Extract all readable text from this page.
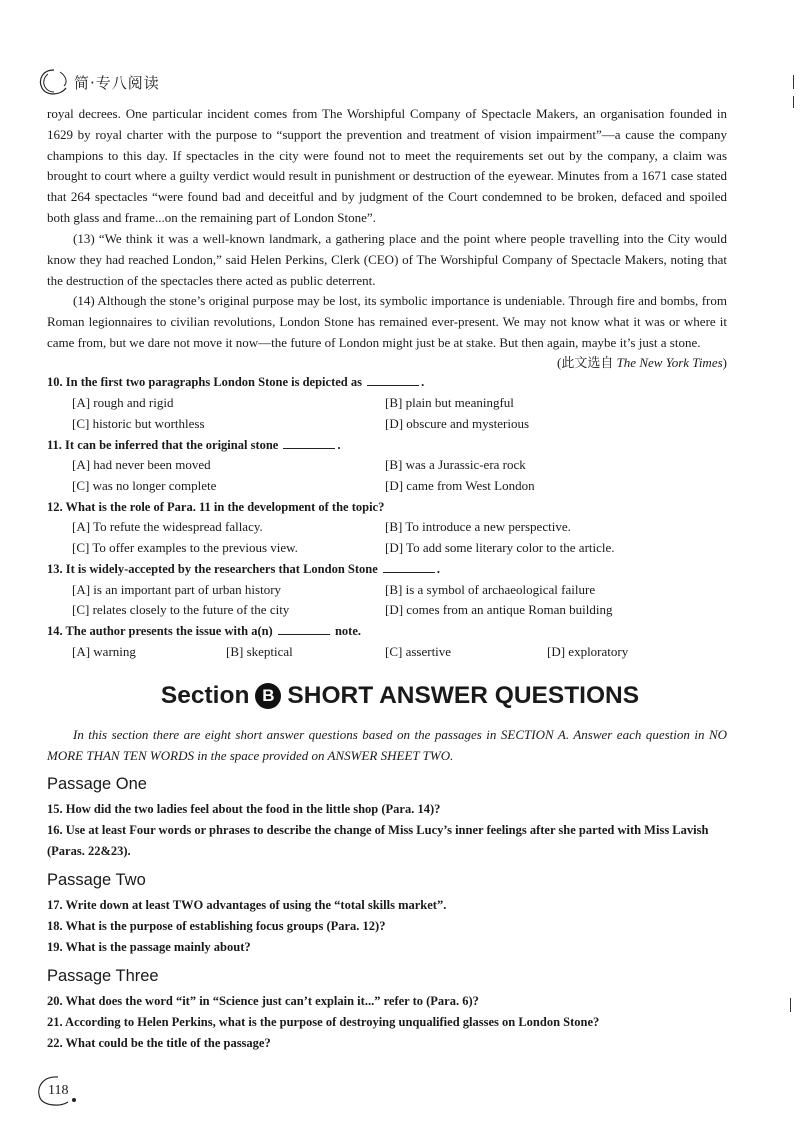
简·专八阅读
royal decrees. One particular incident comes from The Worshipful Company of Spectacle Makers, an organisation founded in 1629 by royal charter with the purpose to “support the prevention and treatment of vision impairment”—a cause the company champions to this day. If spectacles in the city were found not to meet the requirements set out by the company, a claim was brought to court where a guilty verdict would result in punishment or destruction of the eyewear. Minutes from a 1671 case stated that 264 spectacles “were found bad and deceitful and by judgment of the Court condemned to be broken, defaced and spoiled both glass and frame...on the remaining part of London Stone”.
(13) “We think it was a well-known landmark, a gathering place and the point where people travelling into the City would know they had reached London,” said Helen Perkins, Clerk (CEO) of The Worshipful Company of Spectacle Makers, noting that the destruction of the spectacles there acted as public deterrent.
(14) Although the stone’s original purpose may be lost, its symbolic importance is undeniable. Through fire and bombs, from Roman legionnaires to civilian revolutions, London Stone has remained ever-present. We may not know what it was or where it came from, but we dare not move it now—the future of London might just be at stake. But then again, maybe it’s just a stone.
(此文选自 The New York Times)
10. In the first two paragraphs London Stone is depicted as	.
[A] rough and rigid	[B] plain but meaningful
[C] historic but worthless	[D] obscure and mysterious
11. It can be inferred that the original stone	.
[A] had never been moved	[B] was a Jurassic-era rock
[C] was no longer complete	[D] came from West London
12. What is the role of Para. 11 in the development of the topic?
[A] To refute the widespread fallacy.	[B] To introduce a new perspective.
[C] To offer examples to the previous view.	[D] To add some literary color to the article.
13. It is widely-accepted by the researchers that London Stone	.
[A] is an important part of urban history	[B] is a symbol of archaeological failure
[C] relates closely to the future of the city	[D] comes from an antique Roman building
14. The author presents the issue with a(n)	note.
[A] warning	[B] skeptical	[C] assertive	[D] exploratory
Section B SHORT ANSWER QUESTIONS
In this section there are eight short answer questions based on the passages in SECTION A. Answer each question in NO MORE THAN TEN WORDS in the space provided on ANSWER SHEET TWO.
Passage One
15. How did the two ladies feel about the food in the little shop (Para. 14)?
16. Use at least Four words or phrases to describe the change of Miss Lucy’s inner feelings after she parted with Miss Lavish (Paras. 22&23).
Passage Two
17. Write down at least TWO advantages of using the “total skills market”.
18. What is the purpose of establishing focus groups (Para. 12)?
19. What is the passage mainly about?
Passage Three
20. What does the word “it” in “Science just can’t explain it...” refer to (Para. 6)?
21. According to Helen Perkins, what is the purpose of destroying unqualified glasses on London Stone?
22. What could be the title of the passage?
118
